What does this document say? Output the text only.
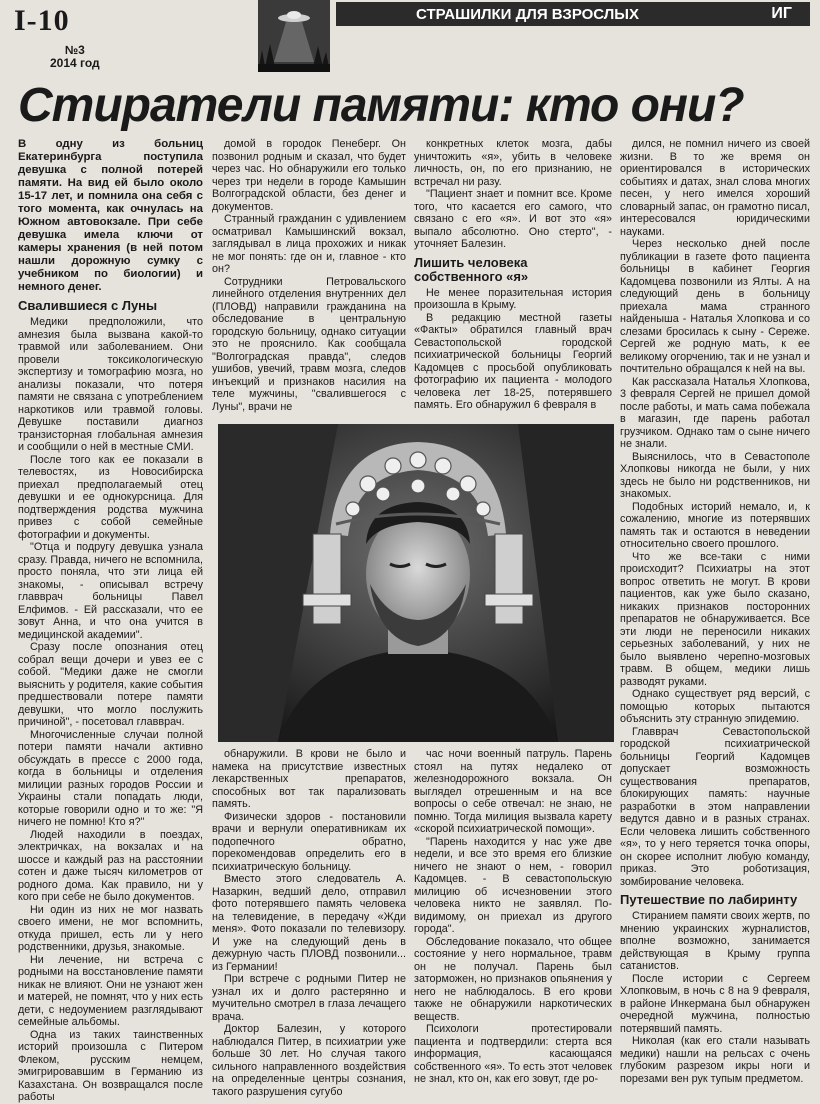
I-10
№3
2014 год
СТРАШИЛКИ ДЛЯ ВЗРОСЛЫХ	ИГ
Стиратели памяти: кто они?

В одну из больниц Екатеринбурга поступила девушка с полной потерей памяти. На вид ей было около 15-17 лет, и помнила она себя с того момента, как очнулась на Южном автовокзале. При себе девушка имела ключи от камеры хранения (в ней потом нашли дорожную сумку с учебником по биологии) и немного денег.

Свалившиеся с Луны

Медики предположили, что амнезия была вызвана какой-то травмой или заболеванием. Они провели токсикологическую экспертизу и томографию мозга, но анализы показали, что потеря памяти не связана с употреблением наркотиков или травмой головы. Девушке поставили диагноз транзисторная глобальная амнезия и сообщили о ней в местные СМИ.

После того как ее показали в телевостях, из Новосибирска приехал предполагаемый отец девушки и ее однокурсница. Для подтверждения родства мужчина привез с собой семейные фотографии и документы.

"Отца и подругу девушка узнала сразу. Правда, ничего не вспомнила, просто поняла, что эти лица ей знакомы, - описывал встречу главврач больницы Павел Елфимов. - Ей рассказали, что ее зовут Анна, и что она учится в медицинской академии".

Сразу после опознания отец собрал вещи дочери и увез ее с собой. "Медики даже не смогли выяснить у родителя, какие события предшествовали потере памяти девушки, что могло послужить причиной", - посетовал главврач.

Многочисленные случаи полной потери памяти начали активно обсуждать в прессе с 2000 года, когда в больницы и отделения милиции разных городов России и Украины стали попадать люди, которые говорили одно и то же: "Я ничего не помню! Кто я?"

Людей находили в поездах, электричках, на вокзалах и на шоссе и каждый раз на расстоянии сотен и даже тысяч километров от родного дома. Как правило, ни у кого при себе не было документов.

Ни один из них не мог назвать своего имени, не мог вспомнить, откуда пришел, есть ли у него родственники, друзья, знакомые.

Ни лечение, ни встреча с родными на восстановление памяти никак не влияют. Они не узнают жен и матерей, не помнят, что у них есть дети, с недоумением разглядывают семейные альбомы.

Одна из таких таинственных историй произошла с Питером Флеком, русским немцем, эмигрировавшим в Германию из Казахстана. Он возвращался после работы

домой в городок Пенеберг. Он позвонил родным и сказал, что будет через час. Но обнаружили его только через три недели в городе Камышин Волгоградской области, без денег и документов.

Странный гражданин с удивлением осматривал Камышинский вокзал, заглядывал в лица прохожих и никак не мог понять: где он и, главное - кто он?

Сотрудники Петровальского линейного отделения внутренних дел (ПЛОВД) направили гражданина на обследование в центральную городскую больницу, однако ситуации это не прояснило. Как сообщала "Волгоградская правда", следов ушибов, увечий, травм мозга, следов инъекций и признаков насилия на теле мужчины, "свалившегося с Луны", врачи не

конкретных клеток мозга, дабы уничтожить «я», убить в человеке личность, он, по его признанию, не встречал ни разу.

"Пациент знает и помнит все. Кроме того, что касается его самого, что связано с его «я». И вот это «я» выпало абсолютно. Оно стерто", - уточняет Балезин.

Лишить человека собственного «я»

Не менее поразительная история произошла в Крыму.

В редакцию местной газеты «Факты» обратился главный врач Севастопольской городской психиатрической больницы Георгий Кадомцев с просьбой опубликовать фотографию их пациента - молодого человека лет 18-25, потерявшего память. Его обнаружил 6 февраля в

обнаружили. В крови не было и намека на присутствие известных лекарственных препаратов, способных вот так парализовать память.

Физически здоров - постановили врачи и вернули оперативникам их подопечного обратно, порекомендовав определить его в психиатрическую больницу.

Вместо этого следователь А. Назаркин, ведший дело, отправил фото потерявшего память человека на телевидение, в передачу «Жди меня». Фото показали по телевизору. И уже на следующий день в дежурную часть ПЛОВД позвонили... из Германии!

При встрече с родными Питер не узнал их и долго растерянно и мучительно смотрел в глаза лечащего врача.

Доктор Балезин, у которого наблюдался Питер, в психиатрии уже больше 30 лет. Но случая такого сильного направленного воздействия на определенные центры сознания, такого разрушения сугубо

час ночи военный патруль. Парень стоял на путях недалеко от железнодорожного вокзала. Он выглядел отрешенным и на все вопросы о себе отвечал: не знаю, не помню. Тогда милиция вызвала карету «скорой психиатрической помощи».

"Парень находится у нас уже две недели, и все это время его близкие ничего не знают о нем, - говорил Кадомцев. - В севастопольскую милицию об исчезновении этого человека никто не заявлял. По-видимому, он приехал из другого города".

Обследование показало, что общее состояние у него нормальное, травм он не получал. Парень был заторможен, но признаков опьянения у него не наблюдалось. В его крови также не обнаружили наркотических веществ.

Психологи протестировали пациента и подтвердили: стерта вся информация, касающаяся собственного «я». То есть этот человек не знал, кто он, как его зовут, где ро-

дился, не помнил ничего из своей жизни. В то же время он ориентировался в исторических событиях и датах, знал слова многих песен, у него имелся хороший словарный запас, он грамотно писал, интересовался юридическими науками.

Через несколько дней после публикации в газете фото пациента больницы в кабинет Георгия Кадомцева позвонили из Ялты. А на следующий день в больницу приехала мама странного найденыша - Наталья Хлопкова и со слезами бросилась к сыну - Сереже. Сергей же родную мать, к ее великому огорчению, так и не узнал и почтительно обращался к ней на вы.

Как рассказала Наталья Хлопкова, 3 февраля Сергей не пришел домой после работы, и мать сама побежала в магазин, где парень работал грузчиком. Однако там о сыне ничего не знали.

Выяснилось, что в Севастополе Хлопковы никогда не были, у них здесь не было ни родственников, ни знакомых.

Подобных историй немало, и, к сожалению, многие из потерявших память так и остаются в неведении относительно своего прошлого.

Что же все-таки с ними происходит? Психиатры на этот вопрос ответить не могут. В крови пациентов, как уже было сказано, никаких признаков посторонних препаратов не обнаруживается. Все эти люди не переносили никаких серьезных заболеваний, у них не было выявлено черепно-мозговых травм. В общем, медики лишь разводят руками.

Однако существует ряд версий, с помощью которых пытаются объяснить эту странную эпидемию.

Главврач Севастопольской городской психиатрической больницы Георгий Кадомцев допускает возможность существования препаратов, блокирующих память: научные разработки в этом направлении ведутся давно и в разных странах. Если человека лишить собственного «я», то у него теряется точка опоры, он скорее исполнит любую команду, приказ. Это роботизация, зомбирование человека.

Путешествие по лабиринту

Стиранием памяти своих жертв, по мнению украинских журналистов, вполне возможно, занимается действующая в Крыму группа сатанистов.

После истории с Сергеем Хлопковым, в ночь с 8 на 9 февраля, в районе Инкермана был обнаружен очередной мужчина, полностью потерявший память.

Николая (как его стали называть медики) нашли на рельсах с очень глубоким разрезом икры ноги и порезами вен рук тупым предметом.
